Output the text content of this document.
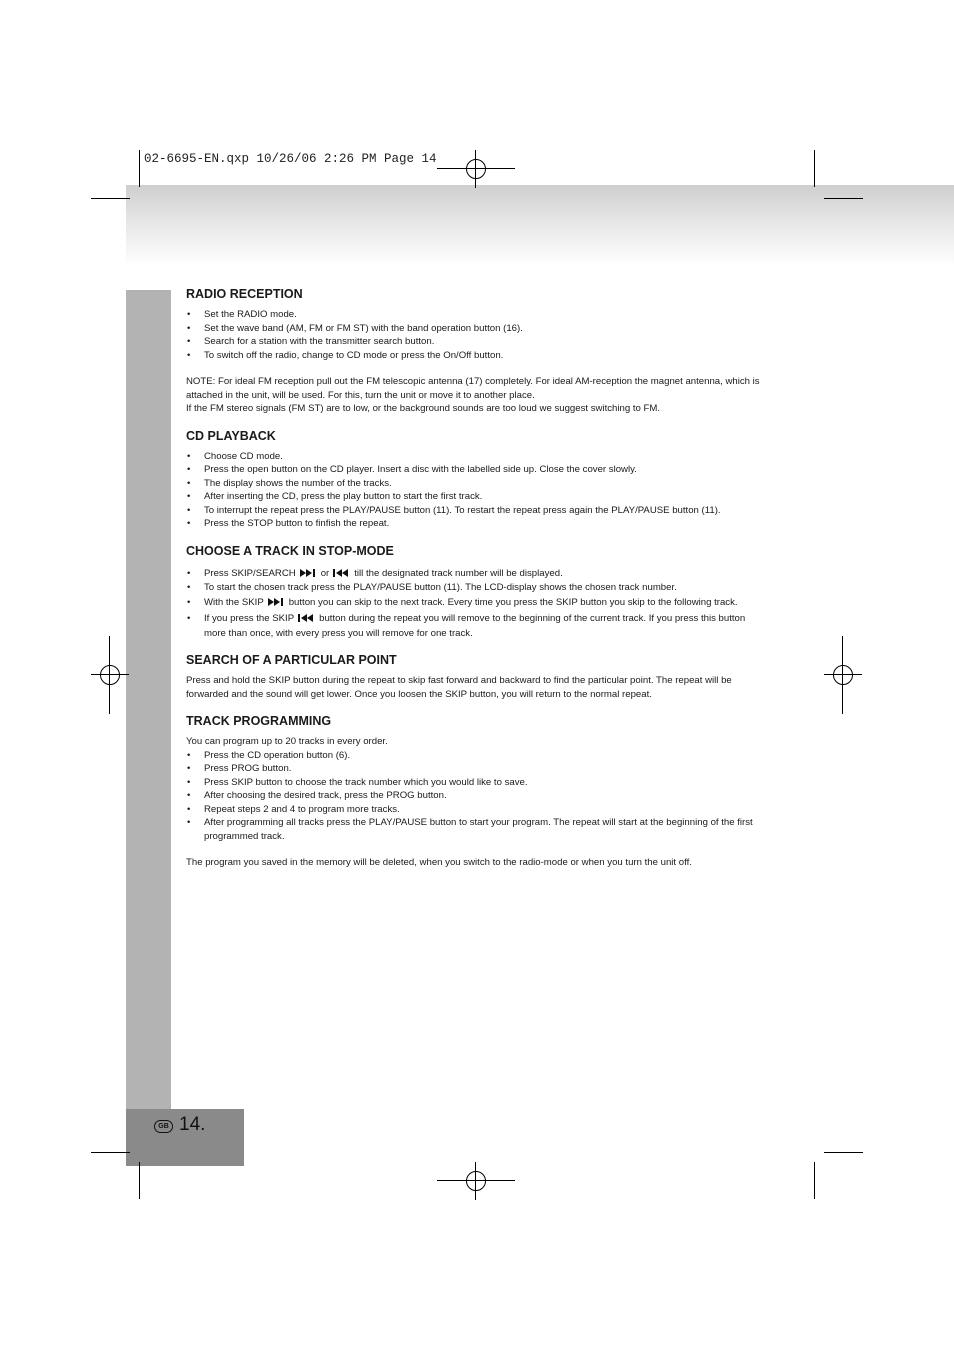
02-6695-EN.qxp 10/26/06 2:26 PM Page 14
GB 14.
RADIO RECEPTION
• Set the RADIO mode.
• Set the wave band (AM, FM or FM ST) with the band operation button (16).
• Search for a station with the transmitter search button.
• To switch off the radio, change to CD mode or press the On/Off button.

NOTE: For ideal FM reception pull out the FM telescopic antenna (17) completely. For ideal AM-reception the magnet antenna, which is attached in the unit, will be used. For this, turn the unit or move it to another place.

If the FM stereo signals (FM ST) are to low, or the background sounds are too loud we suggest switching to FM.

CD PLAYBACK
• Choose CD mode.
• Press the open button on the CD player. Insert a disc with the labelled side up. Close the cover slowly.
• The display shows the number of the tracks.
• After inserting the CD, press the play button to start the first track.
• To interrupt the repeat press the PLAY/PAUSE button (11). To restart the repeat press again the PLAY/PAUSE button (11).
• Press the STOP button to finfish the repeat.
CHOOSE A TRACK IN STOP-MODE
• Press SKIP/SEARCH	or	till the designated track number will be displayed.
• To start the chosen track press the PLAY/PAUSE button (11). The LCD-display shows the chosen track number.
• With the SKIP	button you can skip to the next track. Every time you press the SKIP button you skip to the following track.
• If you press the SKIP	button during the repeat you will remove to the beginning of the current track. If you press this button more than once, with every press you will remove for one track.
SEARCH OF A PARTICULAR POINT

Press and hold the SKIP button during the repeat to skip fast forward and backward to find the particular point. The repeat will be forwarded and the sound will get lower. Once you loosen the SKIP button, you will return to the normal repeat.

TRACK PROGRAMMING

You can program up to 20 tracks in every order.

• Press the CD operation button (6).
• Press PROG button.
• Press SKIP button to choose the track number which you would like to save.
• After choosing the desired track, press the PROG button.
• Repeat steps 2 and 4 to program more tracks.
• After programming all tracks press the PLAY/PAUSE button to start your program. The repeat will start at the beginning of the first programmed track.

The program you saved in the memory will be deleted, when you switch to the radio-mode or when you turn the unit off.
